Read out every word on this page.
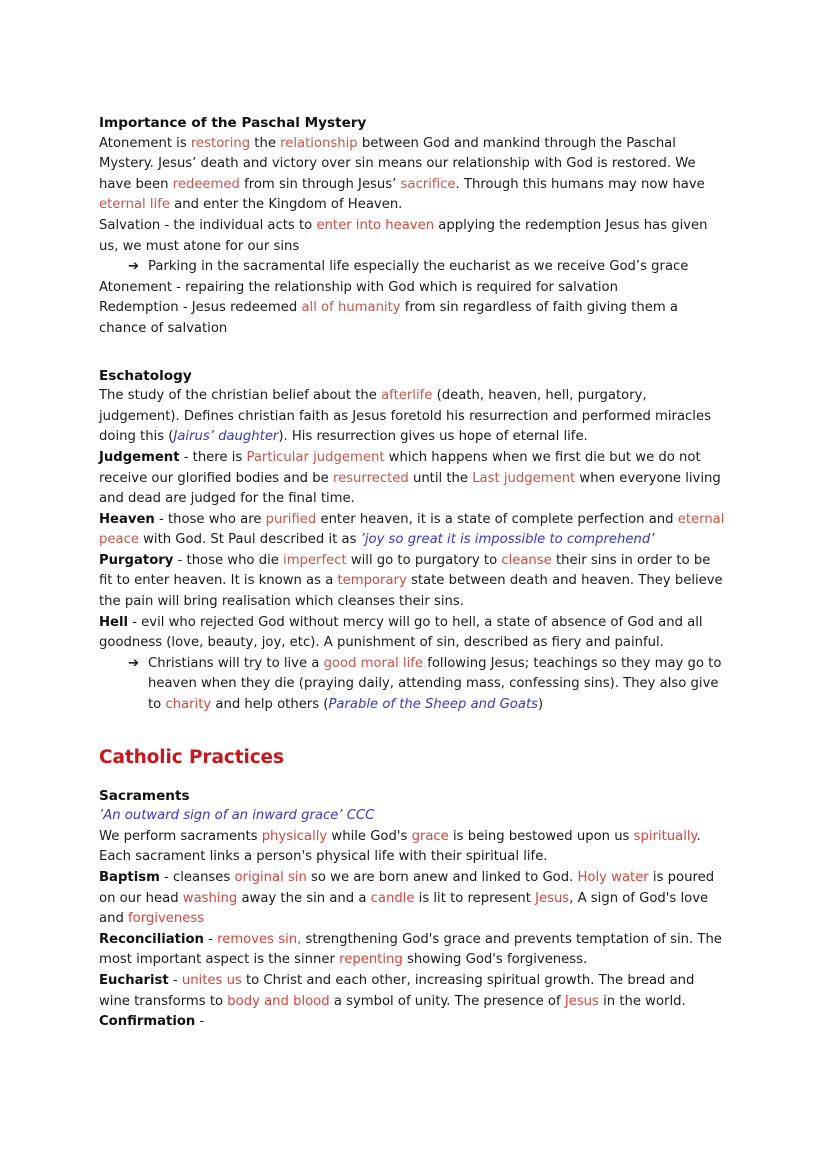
Importance of the Paschal Mystery

Atonement is restoring the relationship between God and mankind through the Paschal Mystery. Jesus’ death and victory over sin means our relationship with God is restored. We have been redeemed from sin through Jesus’ sacrifice. Through this humans may now have eternal life and enter the Kingdom of Heaven.

Salvation - the individual acts to enter into heaven applying the redemption Jesus has given us, we must atone for our sins

➔ Parking in the sacramental life especially the eucharist as we receive God’s grace

Atonement - repairing the relationship with God which is required for salvation

Redemption - Jesus redeemed all of humanity from sin regardless of faith giving them a chance of salvation

Eschatology

The study of the christian belief about the afterlife (death, heaven, hell, purgatory, judgement). Defines christian faith as Jesus foretold his resurrection and performed miracles doing this (Jairus’ daughter). His resurrection gives us hope of eternal life.

Judgement - there is Particular judgement which happens when we first die but we do not receive our glorified bodies and be resurrected until the Last judgement when everyone living and dead are judged for the final time.

Heaven - those who are purified enter heaven, it is a state of complete perfection and eternal peace with God. St Paul described it as ’joy so great it is impossible to comprehend’

Purgatory - those who die imperfect will go to purgatory to cleanse their sins in order to be fit to enter heaven. It is known as a temporary state between death and heaven. They believe the pain will bring realisation which cleanses their sins.

Hell - evil who rejected God without mercy will go to hell, a state of absence of God and all goodness (love, beauty, joy, etc). A punishment of sin, described as fiery and painful.

➔ Christians will try to live a good moral life following Jesus; teachings so they may go to heaven when they die (praying daily, attending mass, confessing sins). They also give to charity and help others (Parable of the Sheep and Goats)
Catholic Practices
Sacraments

’An outward sign of an inward grace’ CCC

We perform sacraments physically while God's grace is being bestowed upon us spiritually. Each sacrament links a person's physical life with their spiritual life.

Baptism - cleanses original sin so we are born anew and linked to God. Holy water is poured on our head washing away the sin and a candle is lit to represent Jesus, A sign of God's love and forgiveness

Reconciliation - removes sin, strengthening God's grace and prevents temptation of sin. The most important aspect is the sinner repenting showing God's forgiveness.

Eucharist - unites us to Christ and each other, increasing spiritual growth. The bread and wine transforms to body and blood a symbol of unity. The presence of Jesus in the world.

Confirmation -
